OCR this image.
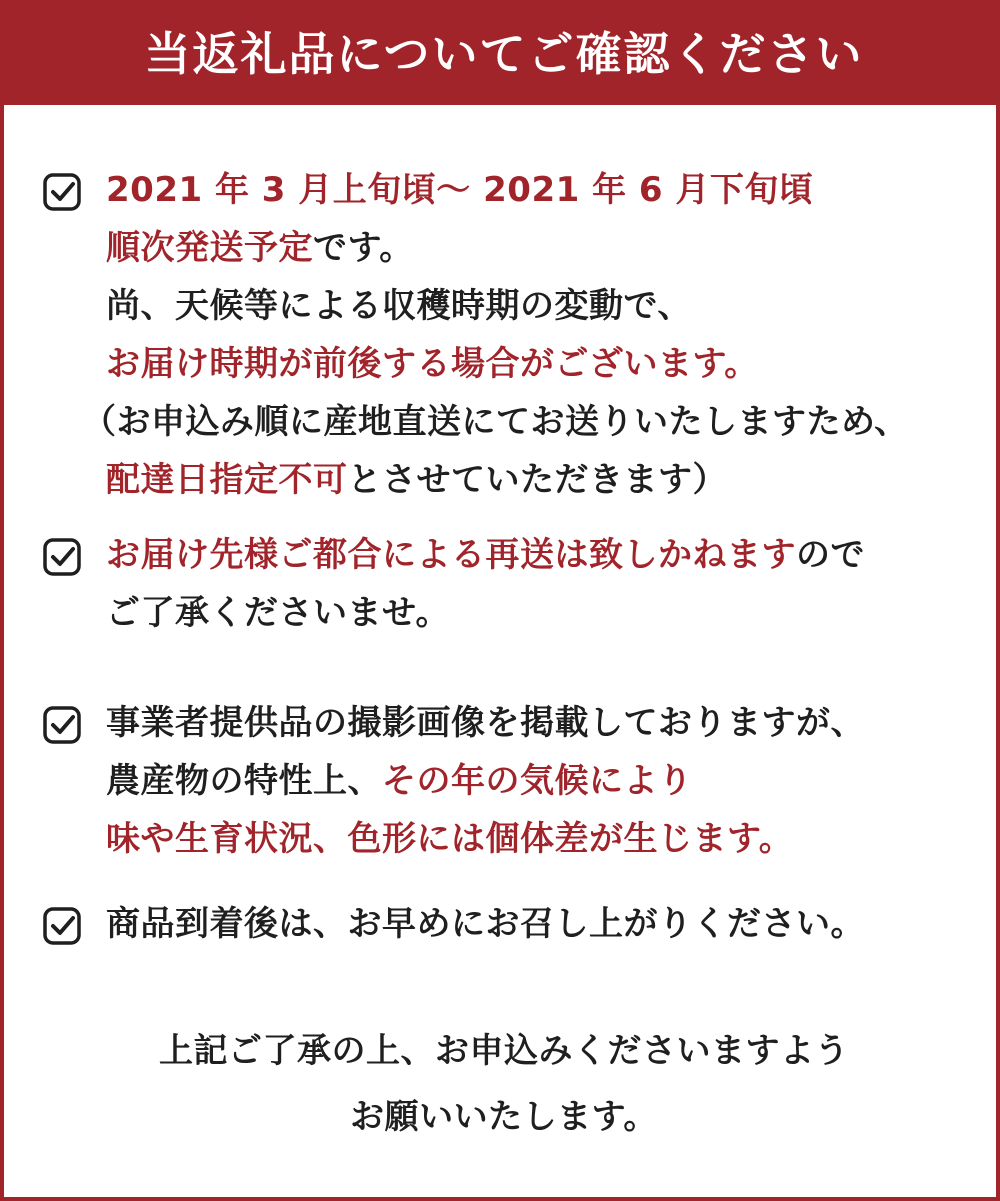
当返礼品についてご確認ください
2021 年 3 月上旬頃〜 2021 年 6 月下旬頃
順次発送予定です。
尚、天候等による収穫時期の変動で、
お届け時期が前後する場合がございます。
（お申込み順に産地直送にてお送りいたしますため、
配達日指定不可とさせていただきます）
お届け先様ご都合による再送は致しかねますので
ご了承くださいませ。
事業者提供品の撮影画像を掲載しておりますが、
農産物の特性上、その年の気候により
味や生育状況、色形には個体差が生じます。
商品到着後は、お早めにお召し上がりください。
上記ご了承の上、お申込みくださいますよう
お願いいたします。
